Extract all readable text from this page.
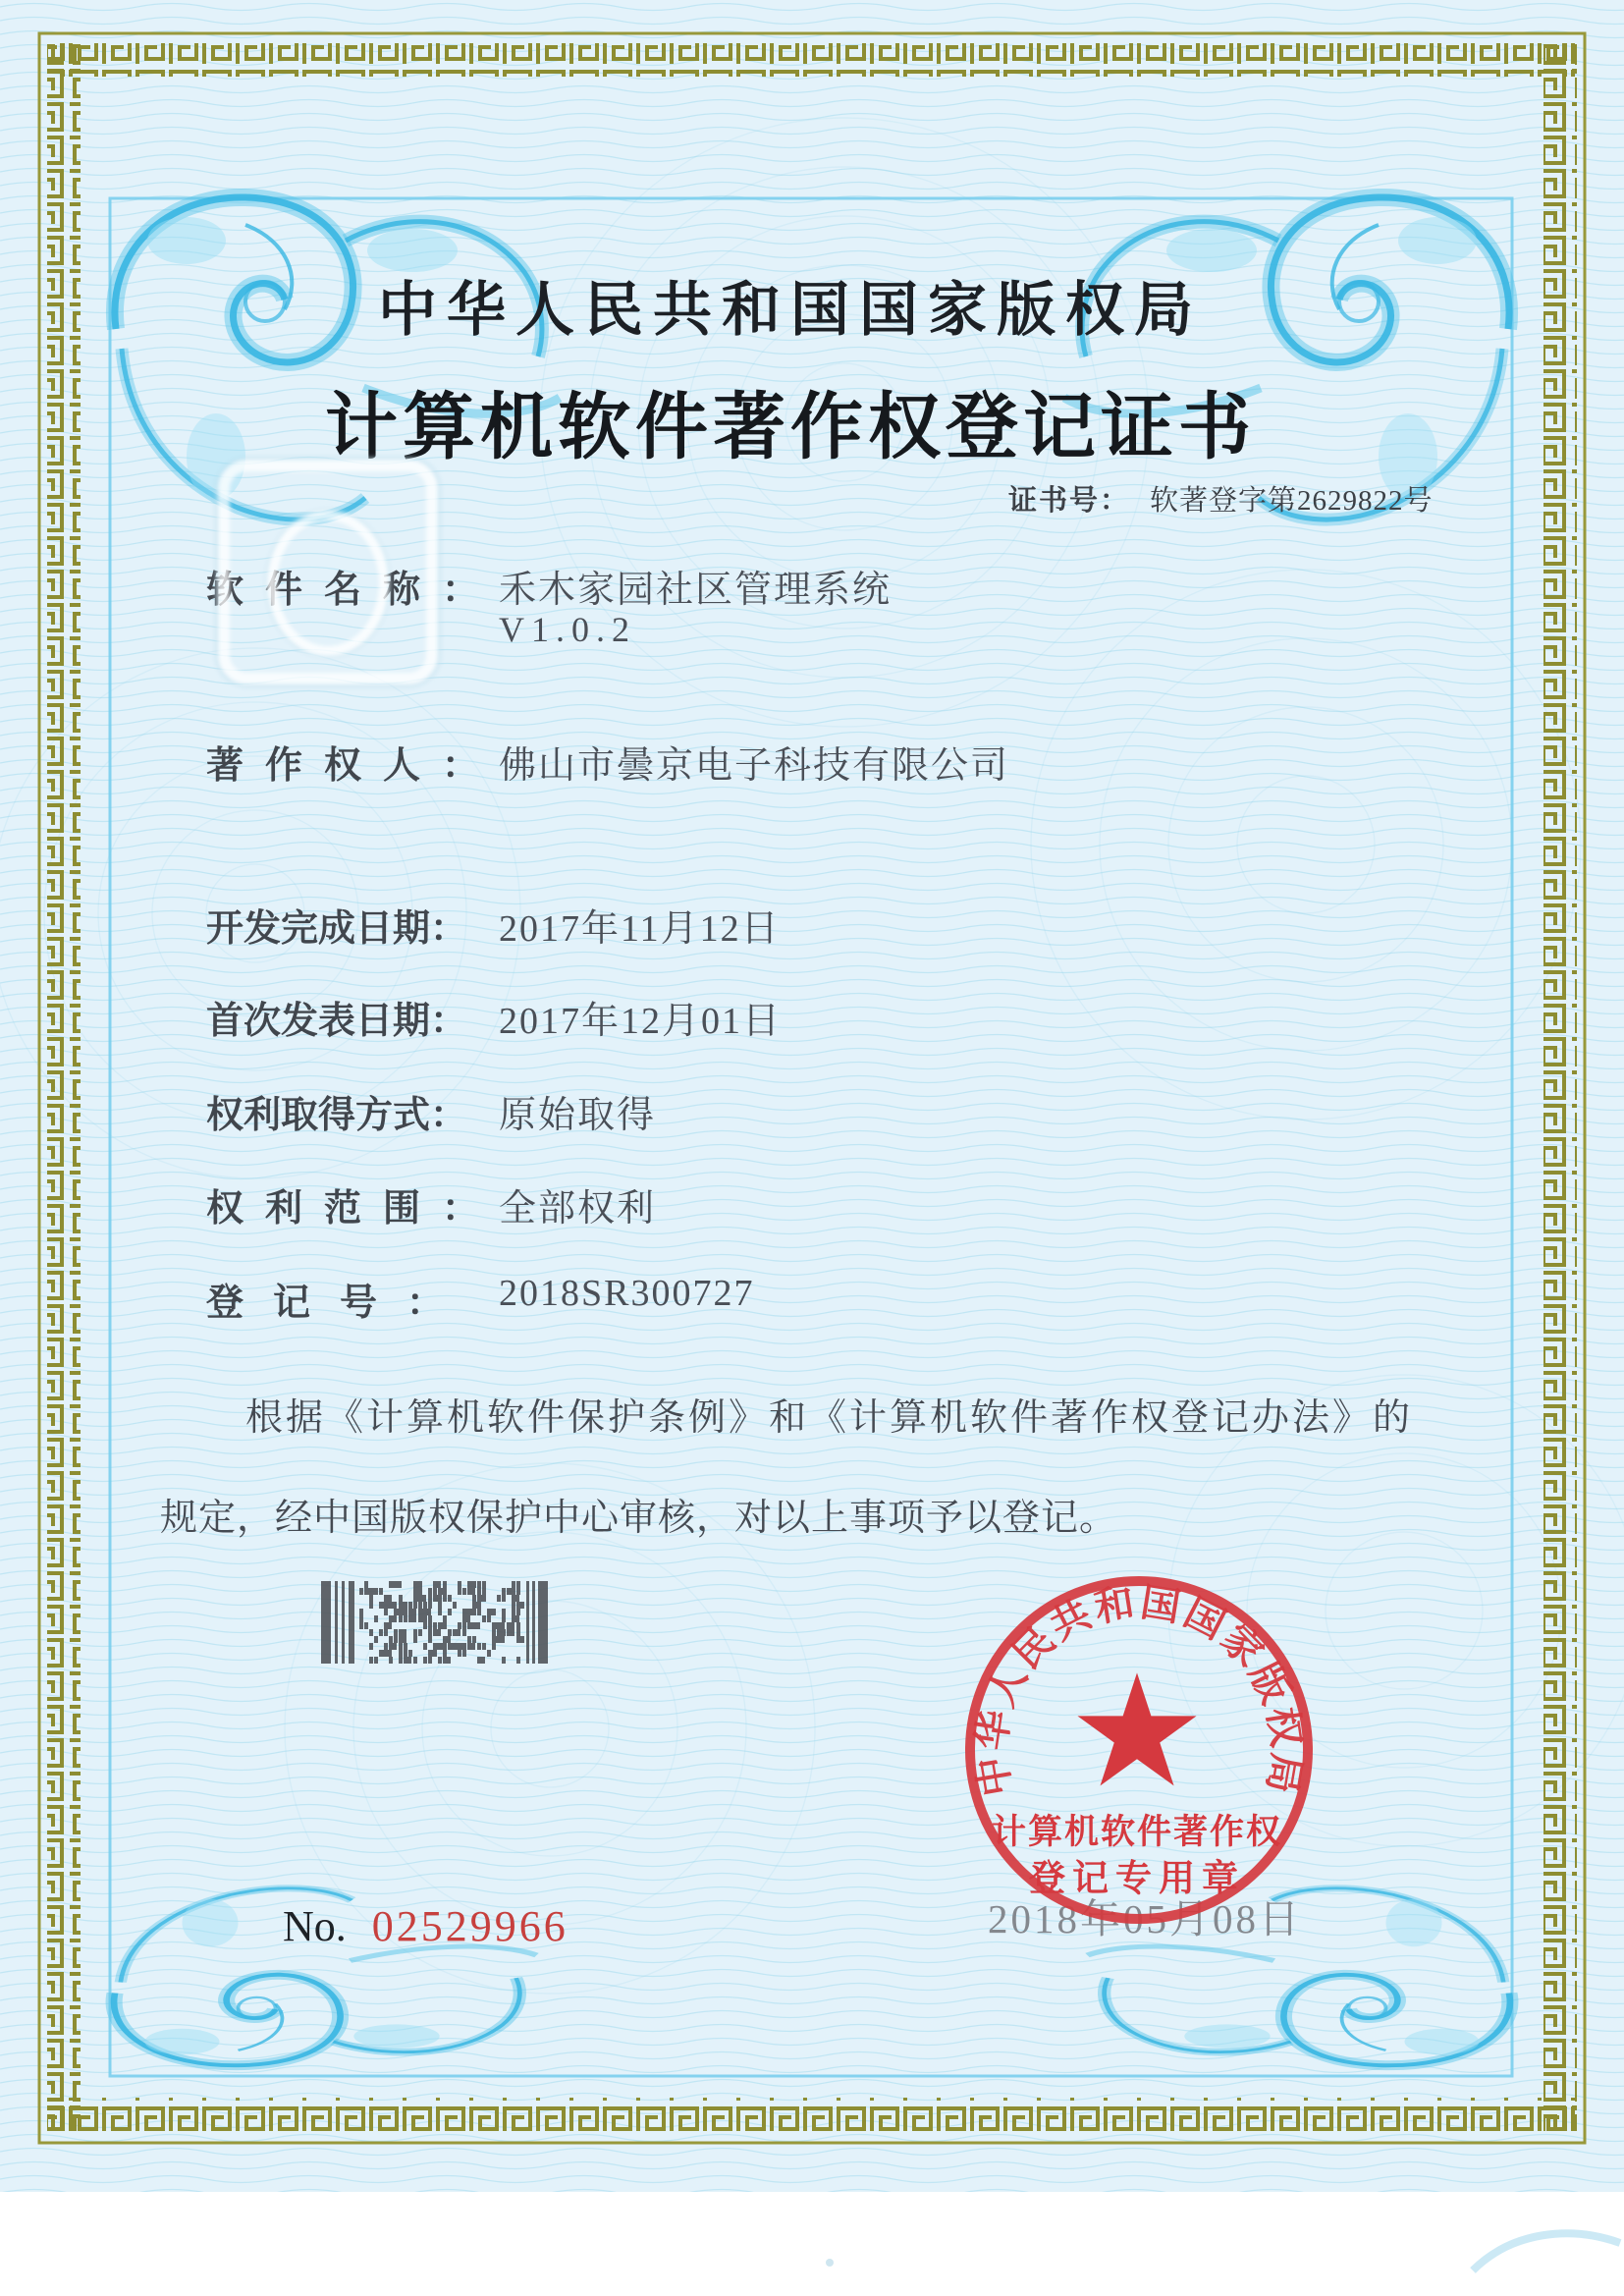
中华人民共和国国家版权局
计算机软件著作权登记证书
证书号： 软著登字第2629822号
软件名称：
禾木家园社区管理系统
V1.0.2
著作权人：
佛山市曇京电子科技有限公司
开发完成日期： 2017年11月12日
首次发表日期： 2017年12月01日
权利取得方式： 原始取得
权利范围：
全部权利
登记号： 2018SR300727
根据《计算机软件保护条例》和《计算机软件著作权登记办法》的
规定，经中国版权保护中心审核，对以上事项予以登记。
2018年05月08日
中华人民共和国国家版权局
★
计算机软件著作权
登记专用章
No. 02529966
